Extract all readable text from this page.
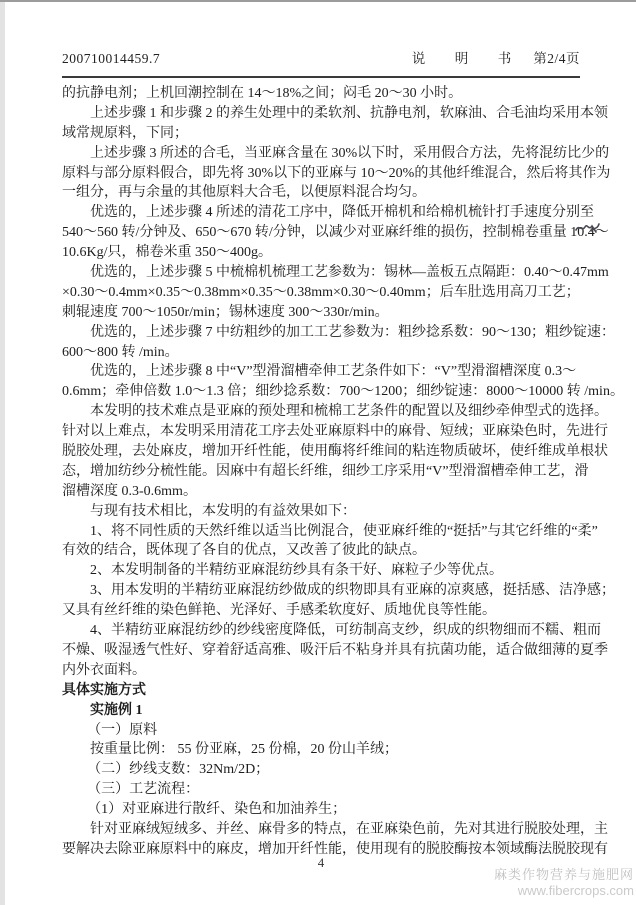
200710014459.7	说　明　书 第2/4页
的抗静电剂；上机回潮控制在 14～18%之间；闷毛 20～30 小时。
上述步骤 1 和步骤 2 的养生处理中的柔软剂、抗静电剂，软麻油、合毛油均采用本领
域常规原料，下同；
上述步骤 3 所述的合毛，当亚麻含量在 30%以下时，采用假合方法，先将混纺比少的
原料与部分原料假合，即先将 30%以下的亚麻与 10～20%的其他纤维混合，然后将其作为
一组分，再与余量的其他原料大合毛，以便原料混合均匀。
优选的，上述步骤 4 所述的清花工序中，降低开棉机和给棉机梳针打手速度分别至
540～560 转/分钟及、650～670 转/分钟，以减少对亚麻纤维的损伤，控制棉卷重量 10.4～
10.6Kg/只，棉卷米重 350～400g。
优选的，上述步骤 5 中梳棉机梳理工艺参数为：锡林—盖板五点隔距：0.40～0.47mm
×0.30～0.4mm×0.35～0.38mm×0.35～0.38mm×0.30～0.40mm；后车肚选用高刀工艺；
刺辊速度 700～1050r/min；锡林速度 300～330r/min。
优选的，上述步骤 7 中纺粗纱的加工工艺参数为：粗纱捻系数：90～130；粗纱锭速：
600～800 转 /min。
优选的，上述步骤 8 中“V”型滑溜槽牵伸工艺条件如下：“V”型滑溜槽深度 0.3～
0.6mm；牵伸倍数 1.0～1.3 倍；细纱捻系数：700～1200；细纱锭速：8000～10000 转 /min。
本发明的技术难点是亚麻的预处理和梳棉工艺条件的配置以及细纱牵伸型式的选择。
针对以上难点，本发明采用清花工序去处亚麻原料中的麻骨、短绒；亚麻染色时，先进行
脱胶处理，去处麻皮，增加开纤性能，使用酶将纤维间的粘连物质破坏，使纤维成单根状
态，增加纺纱分梳性能。因麻中有超长纤维，细纱工序采用“V”型滑溜槽牵伸工艺，滑
溜槽深度 0.3-0.6mm。
与现有技术相比，本发明的有益效果如下：
1、将不同性质的天然纤维以适当比例混合，使亚麻纤维的“挺括”与其它纤维的“柔”
有效的结合，既体现了各自的优点，又改善了彼此的缺点。
2、本发明制备的半精纺亚麻混纺纱具有条干好、麻粒子少等优点。
3、用本发明的半精纺亚麻混纺纱做成的织物即具有亚麻的凉爽感，挺括感、洁净感；
又具有丝纤维的染色鲜艳、光泽好、手感柔软度好、质地优良等性能。
4、半精纺亚麻混纺纱的纱线密度降低，可纺制高支纱，织成的织物细而不糯、粗而
不燥、吸湿透气性好、穿着舒适高雅、吸汗后不粘身并具有抗菌功能，适合做细薄的夏季
内外衣面料。
具体实施方式
实施例 1
（一）原料
按重量比例： 55 份亚麻，25 份棉，20 份山羊绒；
（二）纱线支数：32Nm/2D；
（三）工艺流程：
（1）对亚麻进行散纤、染色和加油养生；
针对亚麻绒短绒多、并丝、麻骨多的特点，在亚麻染色前，先对其进行脱胶处理，主
要解决去除亚麻原料中的麻皮，增加开纤性能，使用现有的脱胶酶按本领域酶法脱胶现有
4
麻类作物营养与施肥网
www.fibercrops.com
